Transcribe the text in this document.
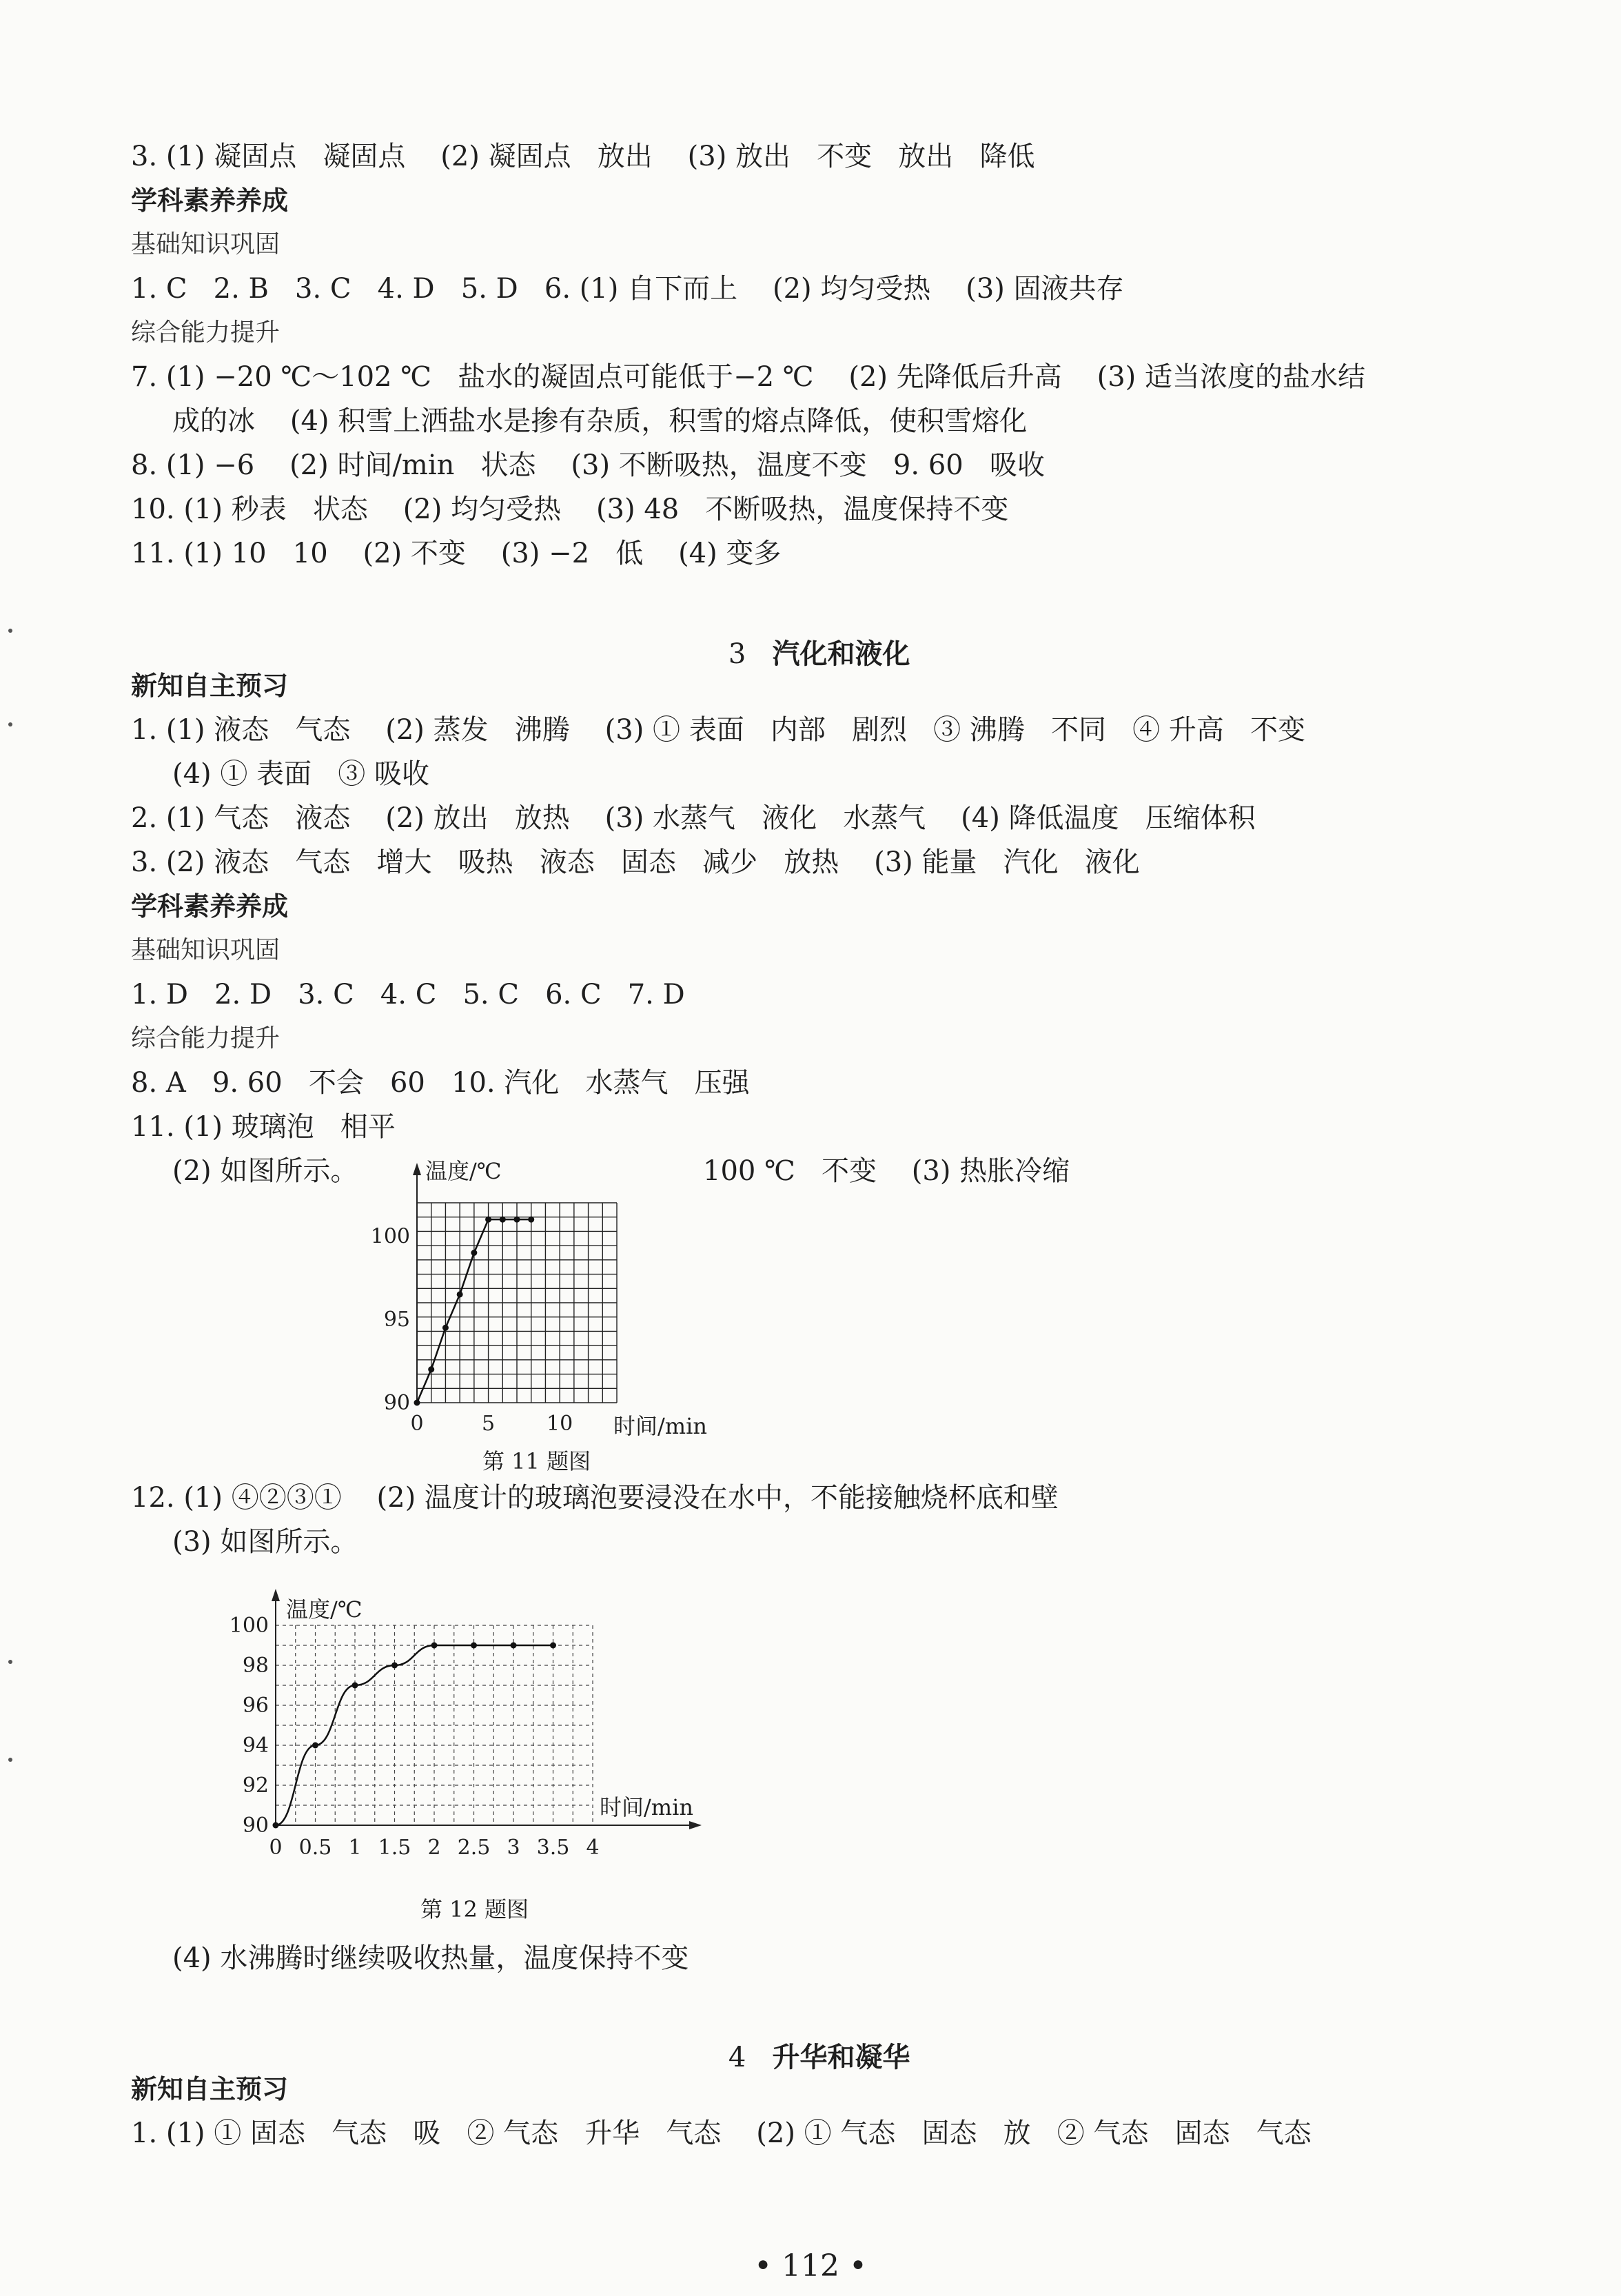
3. (1) 凝固点   凝固点    (2) 凝固点   放出    (3) 放出   不变   放出   降低
学科素养养成
基础知识巩固
1. C   2. B   3. C   4. D   5. D   6. (1) 自下而上    (2) 均匀受热    (3) 固液共存
综合能力提升
7. (1) −20 ℃～102 ℃   盐水的凝固点可能低于−2 ℃    (2) 先降低后升高    (3) 适当浓度的盐水结
成的冰    (4) 积雪上洒盐水是掺有杂质，积雪的熔点降低，使积雪熔化
8. (1) −6    (2) 时间/min   状态    (3) 不断吸热，温度不变   9. 60   吸收
10. (1) 秒表   状态    (2) 均匀受热    (3) 48   不断吸热，温度保持不变
11. (1) 10   10    (2) 不变    (3) −2   低    (4) 变多

3 汽化和液化

新知自主预习
1. (1) 液态   气态    (2) 蒸发   沸腾    (3) ① 表面   内部   剧烈   ③ 沸腾   不同   ④ 升高   不变
(4) ① 表面   ③ 吸收
2. (1) 气态   液态    (2) 放出   放热    (3) 水蒸气   液化   水蒸气    (4) 降低温度   压缩体积
3. (2) 液态   气态   增大   吸热   液态   固态   减少   放热    (3) 能量   汽化   液化
学科素养养成
基础知识巩固
1. D   2. D   3. C   4. C   5. C   6. C   7. D
综合能力提升
8. A   9. 60   不会   60   10. 汽化   水蒸气   压强
11. (1) 玻璃泡   相平
(2) 如图所示。	100 ℃   不变    (3) 热胀冷缩
温度/℃
时间/min
0	5 10
90
95
100
第 11 题图
12. (1) ④②③①    (2) 温度计的玻璃泡要浸没在水中，不能接触烧杯底和壁
(3) 如图所示。
温度/℃
时间/min
0 0.5 1 1.5 2 2.5 3 3.5 4
90
92
94
96
98
100
第 12 题图
(4) 水沸腾时继续吸收热量，温度保持不变

4 升华和凝华

新知自主预习
1. (1) ① 固态   气态   吸   ② 气态   升华   气态    (2) ① 气态   固态   放   ② 气态   固态   气态
• 112 •
